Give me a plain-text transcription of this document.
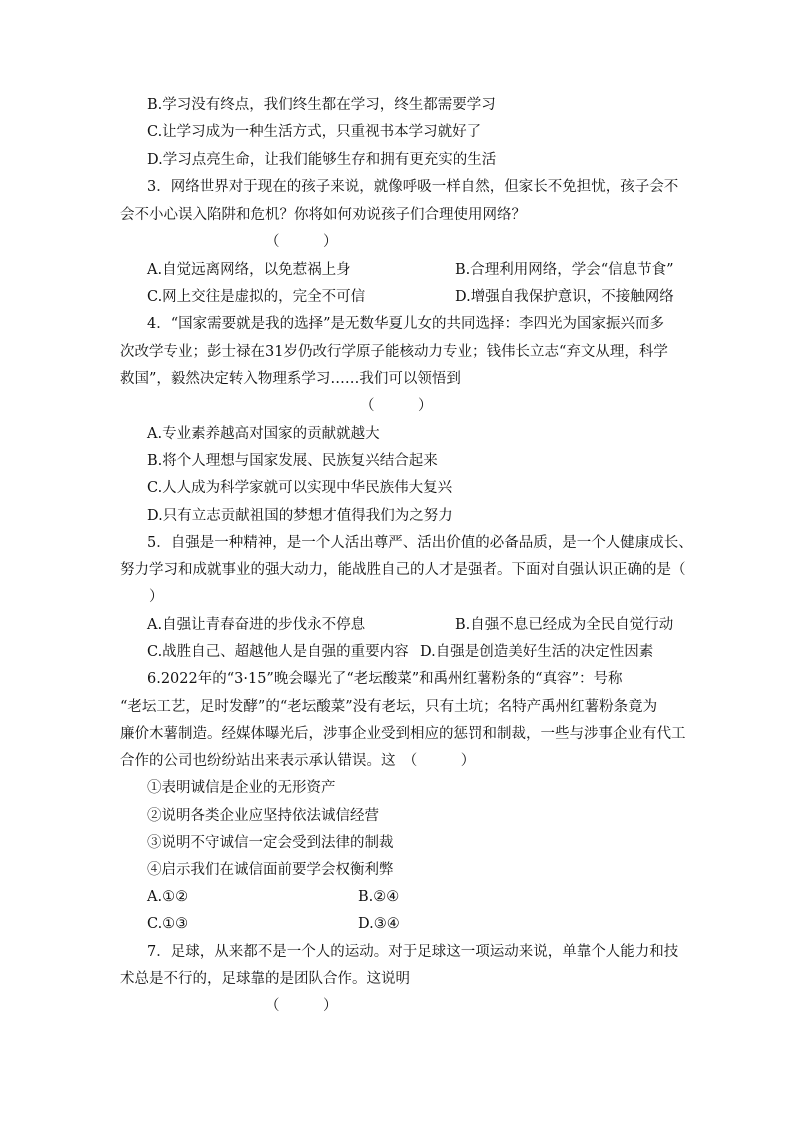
B.学习没有终点，我们终生都在学习，终生都需要学习
C.让学习成为一种生活方式，只重视书本学习就好了
D.学习点亮生命，让我们能够生存和拥有更充实的生活
3．网络世界对于现在的孩子来说，就像呼吸一样自然，但家长不免担忧，孩子会不
会不小心误入陷阱和危机？你将如何劝说孩子们合理使用网络？
（　　　）
A.自觉远离网络，以免惹祸上身	B.合理利用网络，学会“信息节食”
C.网上交往是虚拟的，完全不可信	D.增强自我保护意识，不接触网络
4．“国家需要就是我的选择”是无数华夏儿女的共同选择：李四光为国家振兴而多
次改学专业；彭士禄在31岁仍改行学原子能核动力专业；钱伟长立志“弃文从理，科学
救国”，毅然决定转入物理系学习……我们可以领悟到
（　　　）
A.专业素养越高对国家的贡献就越大
B.将个人理想与国家发展、民族复兴结合起来
C.人人成为科学家就可以实现中华民族伟大复兴
D.只有立志贡献祖国的梦想才值得我们为之努力
5．自强是一种精神，是一个人活出尊严、活出价值的必备品质，是一个人健康成长、
努力学习和成就事业的强大动力，能战胜自己的人才是强者。下面对自强认识正确的是（
　　）
A.自强让青春奋进的步伐永不停息	B.自强不息已经成为全民自觉行动
C.战胜自己、超越他人是自强的重要内容 D.自强是创造美好生活的决定性因素
6.2022年的“3·15”晚会曝光了“老坛酸菜”和禹州红薯粉条的“真容”：号称
“老坛工艺，足时发酵”的“老坛酸菜”没有老坛，只有土坑；名特产禹州红薯粉条竟为
廉价木薯制造。经媒体曝光后，涉事企业受到相应的惩罚和制裁，一些与涉事企业有代工
合作的公司也纷纷站出来表示承认错误。这　（　　　）
①表明诚信是企业的无形资产
②说明各类企业应坚持依法诚信经营
③说明不守诚信一定会受到法律的制裁
④启示我们在诚信面前要学会权衡利弊
A.①②	B.②④
C.①③	D.③④
7．足球，从来都不是一个人的运动。对于足球这一项运动来说，单靠个人能力和技
术总是不行的，足球靠的是团队合作。这说明
（　　　）
